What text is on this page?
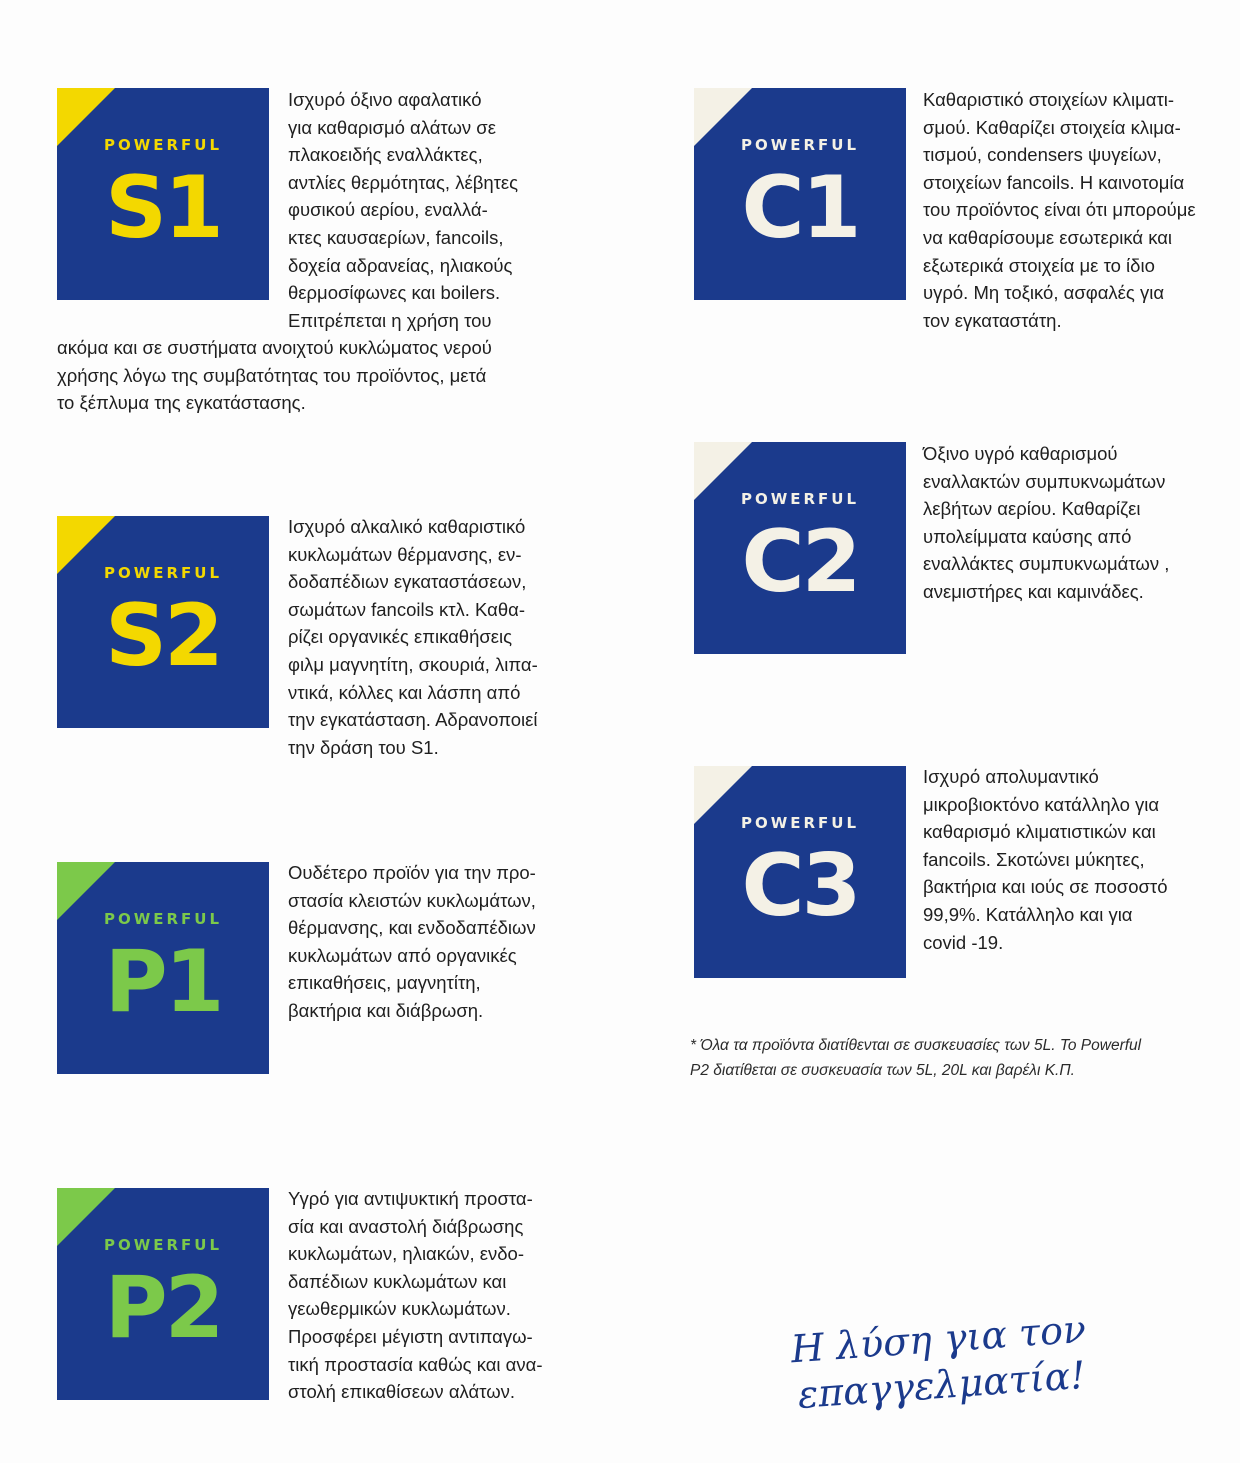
POWERFUL
S1

Ισχυρό όξινο αφαλατικό
για καθαρισμό αλάτων σε
πλακοειδής εναλλάκτες,
αντλίες θερμότητας, λέβητες
φυσικού αερίου, εναλλά-
κτες καυσαερίων, fancoils,
δοχεία αδρανείας, ηλιακούς
θερμοσίφωνες και boilers.
Επιτρέπεται η χρήση του

ακόμα και σε συστήματα ανοιχτού κυκλώματος νερού
χρήσης λόγω της συμβατότητας του προϊόντος, μετά
το ξέπλυμα της εγκατάστασης.

POWERFUL
S2

Ισχυρό αλκαλικό καθαριστικό
κυκλωμάτων θέρμανσης, εν-
δοδαπέδιων εγκαταστάσεων,
σωμάτων fancoils κτλ. Καθα-
ρίζει οργανικές επικαθήσεις
φιλμ μαγνητίτη, σκουριά, λιπα-
ντικά, κόλλες και λάσπη από
την εγκατάσταση. Αδρανοποιεί
την δράση του S1.

POWERFUL
P1

Ουδέτερο προϊόν για την προ-
στασία κλειστών κυκλωμάτων,
θέρμανσης, και ενδοδαπέδιων
κυκλωμάτων από οργανικές
επικαθήσεις, μαγνητίτη,
βακτήρια και διάβρωση.

POWERFUL
P2

Υγρό για αντιψυκτική προστα-
σία και αναστολή διάβρωσης
κυκλωμάτων, ηλιακών, ενδο-
δαπέδιων κυκλωμάτων και
γεωθερμικών κυκλωμάτων.
Προσφέρει μέγιστη αντιπαγω-
τική προστασία καθώς και ανα-
στολή επικαθίσεων αλάτων.

POWERFUL
C1

Καθαριστικό στοιχείων κλιματι-
σμού. Καθαρίζει στοιχεία κλιμα-
τισμού, condensers ψυγείων,
στοιχείων fancoils. Η καινοτομία
του προϊόντος είναι ότι μπορούμε
να καθαρίσουμε εσωτερικά και
εξωτερικά στοιχεία με το ίδιο
υγρό. Μη τοξικό, ασφαλές για
τον εγκαταστάτη.

POWERFUL
C2

Όξινο υγρό καθαρισμού
εναλλακτών συμπυκνωμάτων
λεβήτων αερίου. Καθαρίζει
υπολείμματα καύσης από
εναλλάκτες συμπυκνωμάτων ,
ανεμιστήρες και καμινάδες.

POWERFUL
C3

Ισχυρό απολυμαντικό
μικροβιοκτόνο κατάλληλο για
καθαρισμό κλιματιστικών και
fancoils. Σκοτώνει μύκητες,
βακτήρια και ιούς σε ποσοστό
99,9%. Κατάλληλο και για
covid -19.

* Όλα τα προϊόντα διατίθενται σε συσκευασίες των 5L. Το Powerful
P2 διατίθεται σε συσκευασία των 5L, 20L και βαρέλι Κ.Π.
Η λύση για τον
επαγγελματία!
